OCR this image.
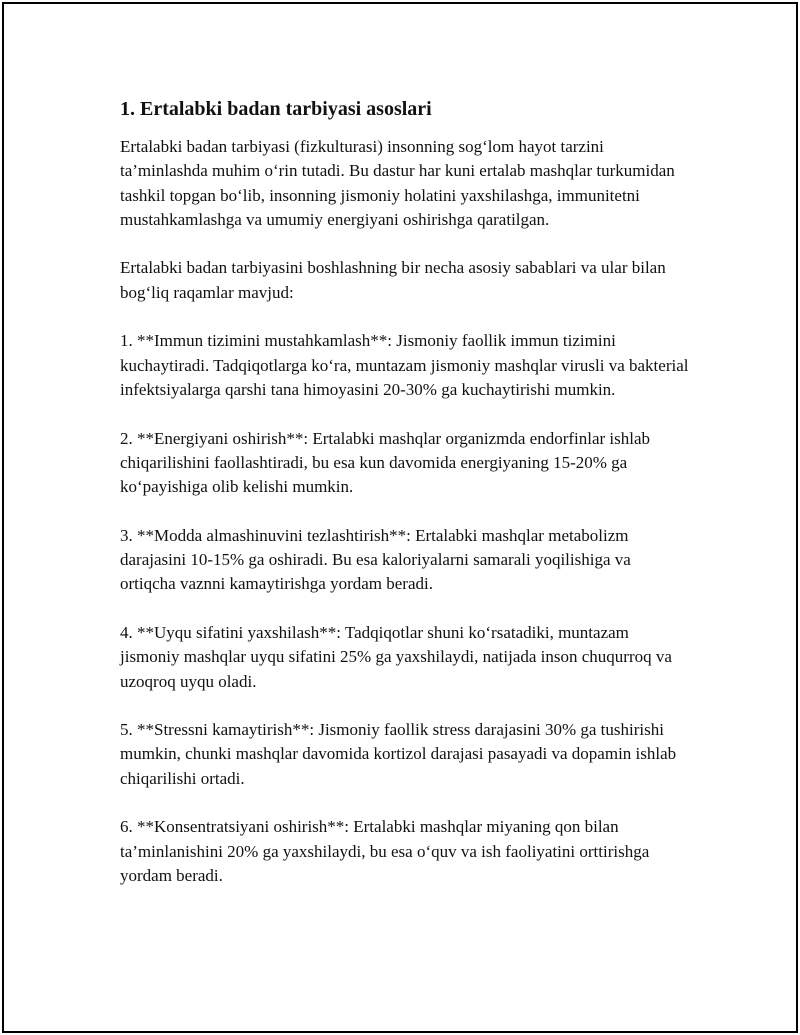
1. Ertalabki badan tarbiyasi asoslari

Ertalabki badan tarbiyasi (fizkulturasi) insonning sog‘lom hayot tarzini ta’minlashda muhim o‘rin tutadi. Bu dastur har kuni ertalab mashqlar turkumidan tashkil topgan bo‘lib, insonning jismoniy holatini yaxshilashga, immunitetni mustahkamlashga va umumiy energiyani oshirishga qaratilgan.

Ertalabki badan tarbiyasini boshlashning bir necha asosiy sabablari va ular bilan bog‘liq raqamlar mavjud:

1. **Immun tizimini mustahkamlash**: Jismoniy faollik immun tizimini kuchaytiradi. Tadqiqotlarga ko‘ra, muntazam jismoniy mashqlar virusli va bakterial infektsiyalarga qarshi tana himoyasini 20-30% ga kuchaytirishi mumkin.

2. **Energiyani oshirish**: Ertalabki mashqlar organizmda endorfinlar ishlab chiqarilishini faollashtiradi, bu esa kun davomida energiyaning 15-20% ga ko‘payishiga olib kelishi mumkin.

3. **Modda almashinuvini tezlashtirish**: Ertalabki mashqlar metabolizm darajasini 10-15% ga oshiradi. Bu esa kaloriyalarni samarali yoqilishiga va ortiqcha vaznni kamaytirishga yordam beradi.

4. **Uyqu sifatini yaxshilash**: Tadqiqotlar shuni ko‘rsatadiki, muntazam jismoniy mashqlar uyqu sifatini 25% ga yaxshilaydi, natijada inson chuqurroq va uzoqroq uyqu oladi.

5. **Stressni kamaytirish**: Jismoniy faollik stress darajasini 30% ga tushirishi mumkin, chunki mashqlar davomida kortizol darajasi pasayadi va dopamin ishlab chiqarilishi ortadi.

6. **Konsentratsiyani oshirish**: Ertalabki mashqlar miyaning qon bilan ta’minlanishini 20% ga yaxshilaydi, bu esa o‘quv va ish faoliyatini orttirishga yordam beradi.
